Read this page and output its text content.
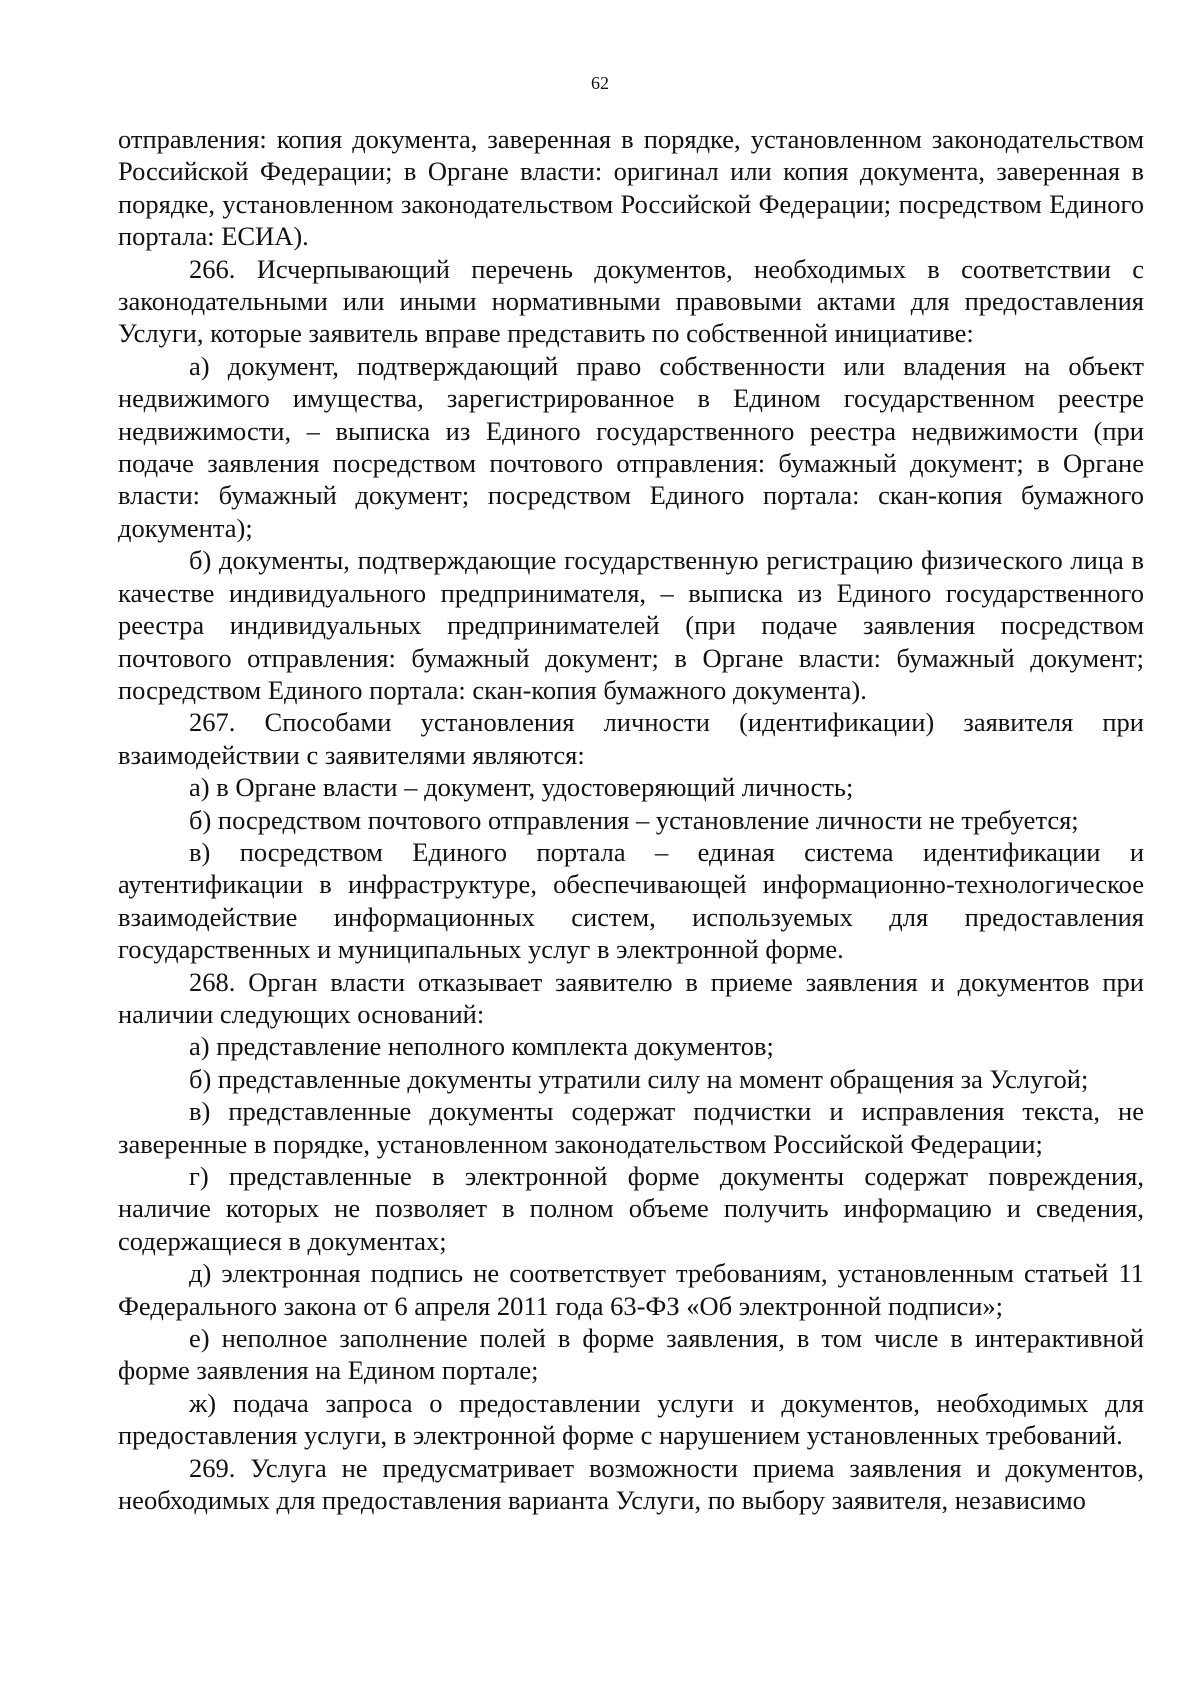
62

отправления: копия документа, заверенная в порядке, установленном законодательством Российской Федерации; в Органе власти: оригинал или копия документа, заверенная в порядке, установленном законодательством Российской Федерации; посредством Единого портала: ЕСИА).

266. Исчерпывающий перечень документов, необходимых в соответствии с законодательными или иными нормативными правовыми актами для предоставления Услуги, которые заявитель вправе представить по собственной инициативе:

а) документ, подтверждающий право собственности или владения на объект недвижимого имущества, зарегистрированное в Едином государственном реестре недвижимости, – выписка из Единого государственного реестра недвижимости (при подаче заявления посредством почтового отправления: бумажный документ; в Органе власти: бумажный документ; посредством Единого портала: скан-копия бумажного документа);

б) документы, подтверждающие государственную регистрацию физического лица в качестве индивидуального предпринимателя, – выписка из Единого государственного реестра индивидуальных предпринимателей (при подаче заявления посредством почтового отправления: бумажный документ; в Органе власти: бумажный документ; посредством Единого портала: скан-копия бумажного документа).

267. Способами установления личности (идентификации) заявителя при взаимодействии с заявителями являются:

а) в Органе власти – документ, удостоверяющий личность;

б) посредством почтового отправления – установление личности не требуется;

в) посредством Единого портала – единая система идентификации и аутентификации в инфраструктуре, обеспечивающей информационно-технологическое взаимодействие информационных систем, используемых для предоставления государственных и муниципальных услуг в электронной форме.

268. Орган власти отказывает заявителю в приеме заявления и документов при наличии следующих оснований:

а) представление неполного комплекта документов;

б) представленные документы утратили силу на момент обращения за Услугой;

в) представленные документы содержат подчистки и исправления текста, не заверенные в порядке, установленном законодательством Российской Федерации;

г) представленные в электронной форме документы содержат повреждения, наличие которых не позволяет в полном объеме получить информацию и сведения, содержащиеся в документах;

д) электронная подпись не соответствует требованиям, установленным статьей 11 Федерального закона от 6 апреля 2011 года 63-ФЗ «Об электронной подписи»;

е) неполное заполнение полей в форме заявления, в том числе в интерактивной форме заявления на Едином портале;

ж) подача запроса о предоставлении услуги и документов, необходимых для предоставления услуги, в электронной форме с нарушением установленных требований.

269. Услуга не предусматривает возможности приема заявления и документов, необходимых для предоставления варианта Услуги, по выбору заявителя, независимо
